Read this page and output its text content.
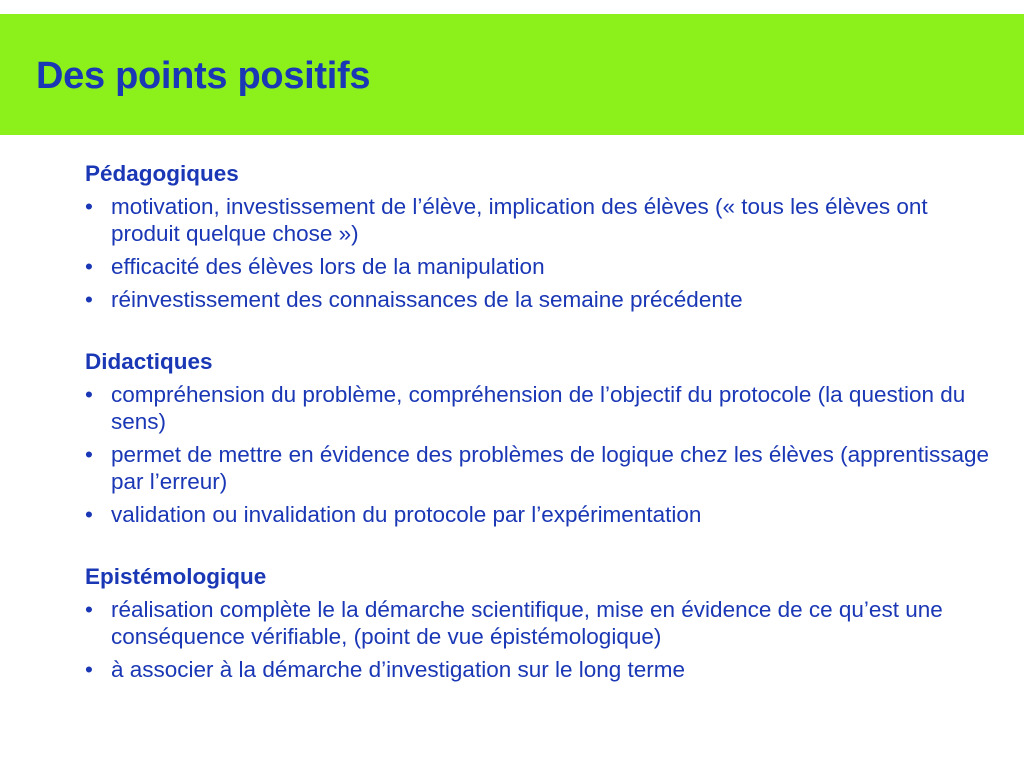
Des points positifs
Pédagogiques
• motivation, investissement de l’élève, implication des élèves (« tous les élèves ont produit quelque chose »)
• efficacité des élèves lors de la manipulation
• réinvestissement des connaissances de la semaine précédente
Didactiques
• compréhension du problème, compréhension de l’objectif du protocole (la question du sens)
• permet de mettre en évidence des problèmes de logique chez les élèves (apprentissage par l’erreur)
• validation ou invalidation du protocole par l’expérimentation
Epistémologique
• réalisation complète le la démarche scientifique, mise en évidence de ce qu’est une conséquence vérifiable, (point de vue épistémologique)
• à associer à la démarche d’investigation sur le long terme
